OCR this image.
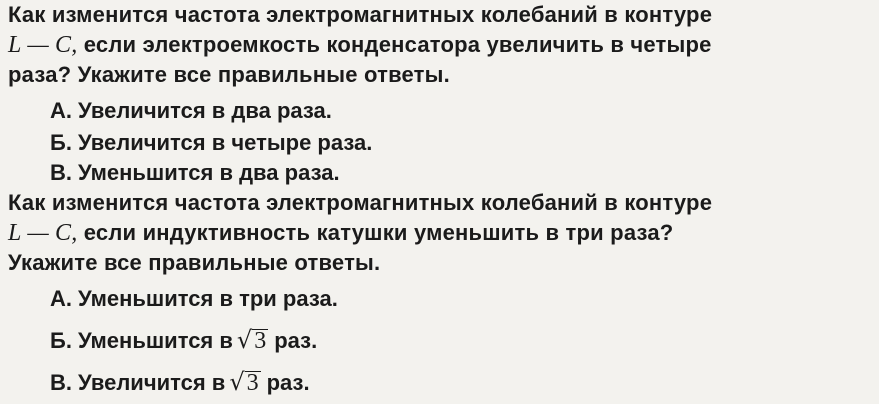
Как изменится частота электромагнитных колебаний в контуре
L — C, если электроемкость конденсатора увеличить в четыре
раза? Укажите все правильные ответы.
А. Увеличится в два раза.
Б. Увеличится в четыре раза.
В. Уменьшится в два раза.
Как изменится частота электромагнитных колебаний в контуре
L — C, если индуктивность катушки уменьшить в три раза?
Укажите все правильные ответы.
А. Уменьшится в три раза.
Б. Уменьшится в √ 3 раз.
В. Увеличится в √ 3 раз.
